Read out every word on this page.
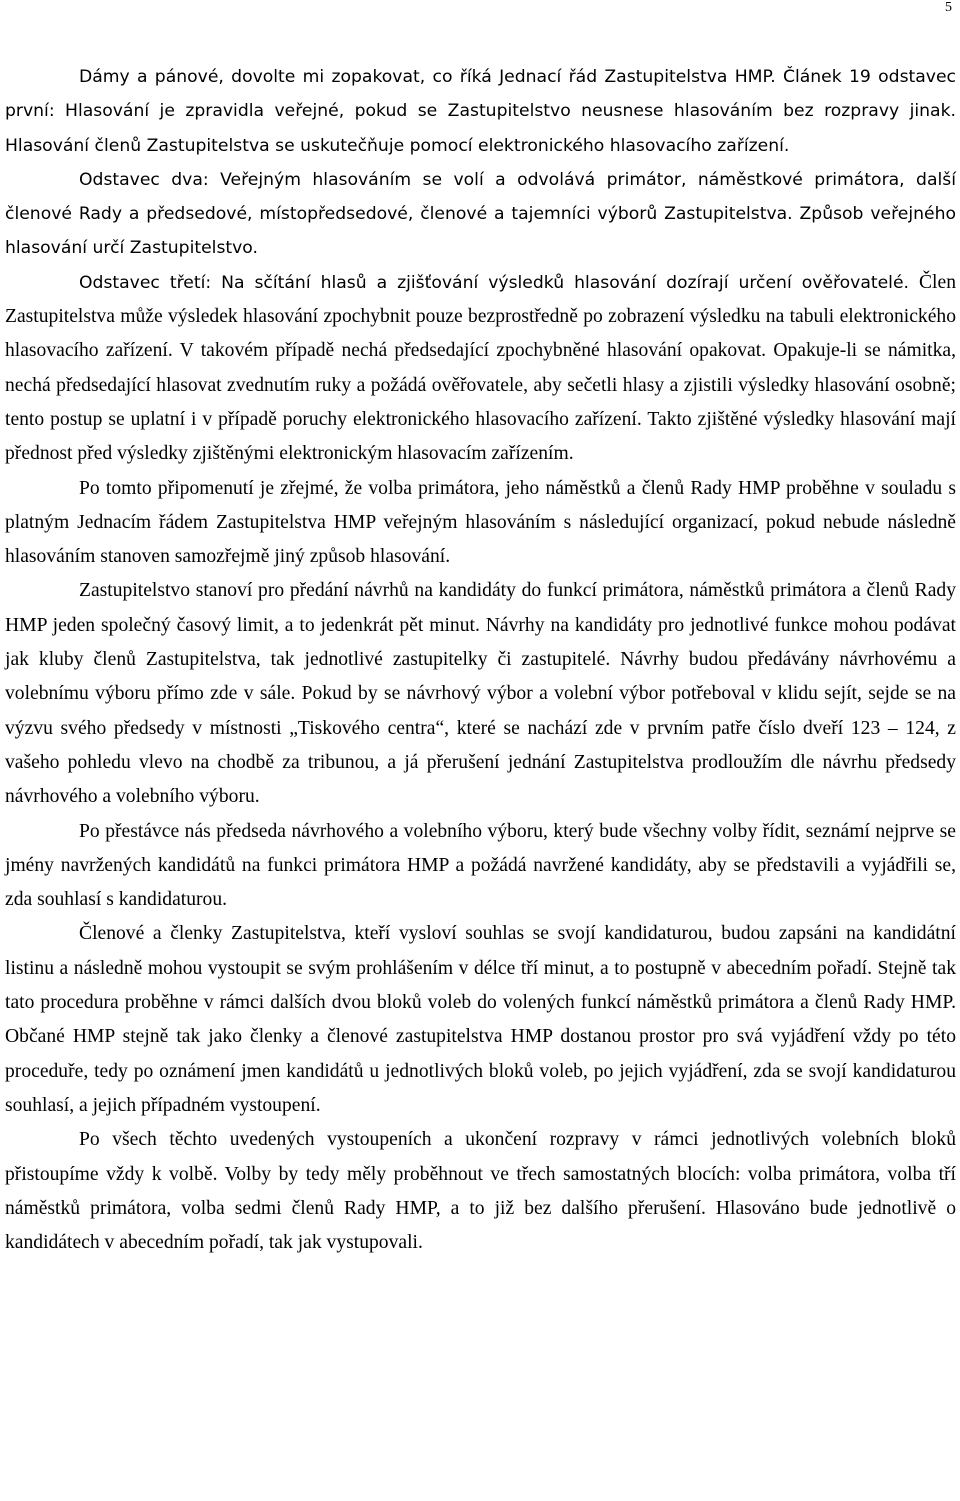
5

Dámy a pánové, dovolte mi zopakovat, co říká Jednací řád Zastupitelstva HMP. Článek 19 odstavec první: Hlasování je zpravidla veřejné, pokud se Zastupitelstvo neusnese hlasováním bez rozpravy jinak. Hlasování členů Zastupitelstva se uskutečňuje pomocí elektronického hlasovacího zařízení.

Odstavec dva: Veřejným hlasováním se volí a odvolává primátor, náměstkové primátora, další členové Rady a předsedové, místopředsedové, členové a tajemníci výborů Zastupitelstva. Způsob veřejného hlasování určí Zastupitelstvo.

Odstavec třetí: Na sčítání hlasů a zjišťování výsledků hlasování dozírají určení ověřovatelé. Člen Zastupitelstva může výsledek hlasování zpochybnit pouze bezprostředně po zobrazení výsledku na tabuli elektronického hlasovacího zařízení. V takovém případě nechá předsedající zpochybněné hlasování opakovat. Opakuje-li se námitka, nechá předsedající hlasovat zvednutím ruky a požádá ověřovatele, aby sečetli hlasy a zjistili výsledky hlasování osobně; tento postup se uplatní i v případě poruchy elektronického hlasovacího zařízení. Takto zjištěné výsledky hlasování mají přednost před výsledky zjištěnými elektronickým hlasovacím zařízením.

Po tomto připomenutí je zřejmé, že volba primátora, jeho náměstků a členů Rady HMP proběhne v souladu s platným Jednacím řádem Zastupitelstva HMP veřejným hlasováním s následující organizací, pokud nebude následně hlasováním stanoven samozřejmě jiný způsob hlasování.

Zastupitelstvo stanoví pro předání návrhů na kandidáty do funkcí primátora, náměstků primátora a členů Rady HMP jeden společný časový limit, a to jedenkrát pět minut. Návrhy na kandidáty pro jednotlivé funkce mohou podávat jak kluby členů Zastupitelstva, tak jednotlivé zastupitelky či zastupitelé. Návrhy budou předávány návrhovému a volebnímu výboru přímo zde v sále. Pokud by se návrhový výbor a volební výbor potřeboval v klidu sejít, sejde se na výzvu svého předsedy v místnosti „Tiskového centra“, které se nachází zde v prvním patře číslo dveří 123 – 124, z vašeho pohledu vlevo na chodbě za tribunou, a já přerušení jednání Zastupitelstva prodloužím dle návrhu předsedy návrhového a volebního výboru.

Po přestávce nás předseda návrhového a volebního výboru, který bude všechny volby řídit, seznámí nejprve se jmény navržených kandidátů na funkci primátora HMP a požádá navržené kandidáty, aby se představili a vyjádřili se, zda souhlasí s kandidaturou.

Členové a členky Zastupitelstva, kteří vysloví souhlas se svojí kandidaturou, budou zapsáni na kandidátní listinu a následně mohou vystoupit se svým prohlášením v délce tří minut, a to postupně v abecedním pořadí. Stejně tak tato procedura proběhne v rámci dalších dvou bloků voleb do volených funkcí náměstků primátora a členů Rady HMP. Občané HMP stejně tak jako členky a členové zastupitelstva HMP dostanou prostor pro svá vyjádření vždy po této proceduře, tedy po oznámení jmen kandidátů u jednotlivých bloků voleb, po jejich vyjádření, zda se svojí kandidaturou souhlasí, a jejich případném vystoupení.

Po všech těchto uvedených vystoupeních a ukončení rozpravy v rámci jednotlivých volebních bloků přistoupíme vždy k volbě. Volby by tedy měly proběhnout ve třech samostatných blocích: volba primátora, volba tří náměstků primátora, volba sedmi členů Rady HMP, a to již bez dalšího přerušení. Hlasováno bude jednotlivě o kandidátech v abecedním pořadí, tak jak vystupovali.
